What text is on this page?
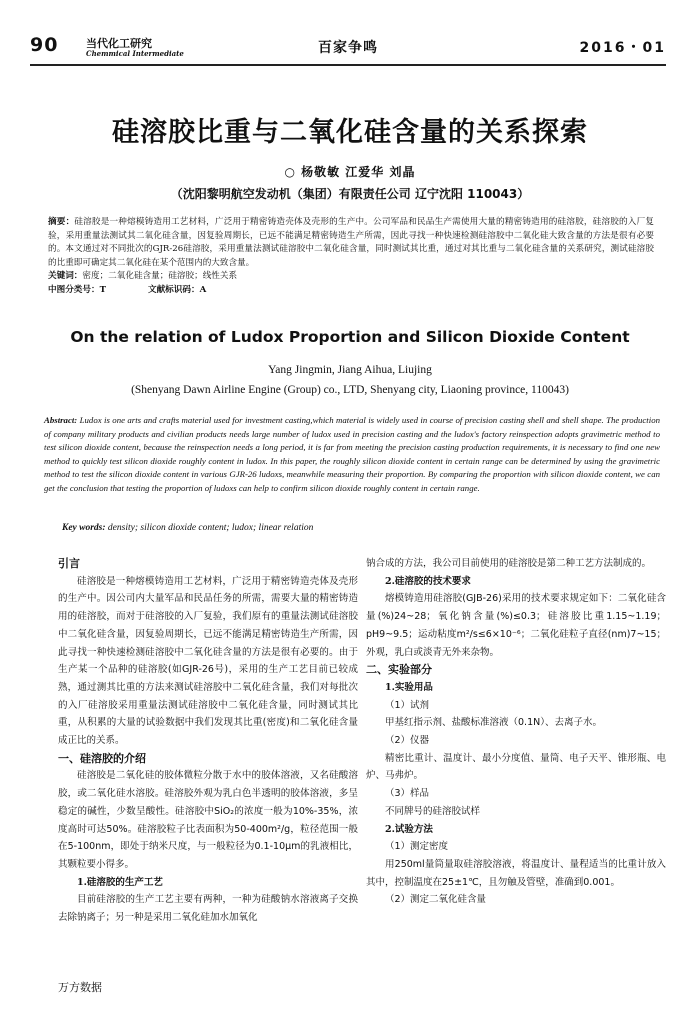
90	当代化工研究
Chemmical Intermediate	百家争鸣	2016・01
硅溶胶比重与二氧化硅含量的关系探索
○ 杨敬敏 江爱华 刘晶
（沈阳黎明航空发动机（集团）有限责任公司 辽宁沈阳 110043）

摘要：硅溶胶是一种熔模铸造用工艺材料，广泛用于精密铸造壳体及壳形的生产中。公司军品和民品生产需使用大量的精密铸造用的硅溶胶，硅溶胶的入厂复验，采用重量法测试其二氧化硅含量，因复验周期长，已远不能满足精密铸造生产所需，因此寻找一种快速检测硅溶胶中二氧化硅大致含量的方法是很有必要的。本文通过对不同批次的GJR-26硅溶胶，采用重量法测试硅溶胶中二氧化硅含量，同时测试其比重，通过对其比重与二氧化硅含量的关系研究，测试硅溶胶的比重即可确定其二氧化硅在某个范围内的大致含量。

关键词：密度；二氧化硅含量；硅溶胶；线性关系

中图分类号：T	文献标识码：A

On the relation of Ludox Proportion and Silicon Dioxide Content
Yang Jingmin, Jiang Aihua, Liujing
(Shenyang Dawn Airline Engine (Group) co., LTD, Shenyang city, Liaoning province, 110043)

Abstract: Ludox is one arts and crafts material used for investment casting,which material is widely used in course of precision casting shell and shell shape. The production of company military products and civilian products needs large number of ludox used in precision casting and the ludox's factory reinspection adopts gravimetric method to test silicon dioxide content, because the reinspection needs a long period, it is far from meeting the precision casting production requirements, it is necessary to find one new method to quickly test silicon dioxide roughly content in ludox. In this paper, the roughly silicon dioxide content in certain range can be determined by using the gravimetric method to test the silicon dioxide content in various GJR-26 ludoxs, meanwhile measuring their proportion. By comparing the proportion with silicon dioxide content, we can get the conclusion that testing the proportion of ludoxs can help to confirm silicon dioxide roughly content in certain range.

Key words: density; silicon dioxide content; ludox; linear relation

引言

硅溶胶是一种熔模铸造用工艺材料，广泛用于精密铸造壳体及壳形的生产中。因公司内大量军品和民品任务的所需，需要大量的精密铸造用的硅溶胶，而对于硅溶胶的入厂复验，我们原有的重量法测试硅溶胶中二氧化硅含量，因复验周期长，已远不能满足精密铸造生产所需，因此寻找一种快速检测硅溶胶中二氧化硅含量的方法是很有必要的。由于生产某一个品种的硅溶胶(如GJR-26号)，采用的生产工艺目前已较成熟，通过测其比重的方法来测试硅溶胶中二氧化硅含量，我们对每批次的入厂硅溶胶采用重量法测试硅溶胶中二氧化硅含量，同时测试其比重，从积累的大量的试验数据中我们发现其比重(密度)和二氧化硅含量成正比的关系。

一、硅溶胶的介绍

硅溶胶是二氧化硅的胶体微粒分散于水中的胶体溶液，又名硅酸溶胶，或二氧化硅水溶胶。硅溶胶外观为乳白色半透明的胶体溶液，多呈稳定的碱性，少数呈酸性。硅溶胶中SiO₂的浓度一般为10%-35%，浓度高时可达50%。硅溶胶粒子比表面积为50-400m²/g，粒径范围一般在5-100nm，即处于纳米尺度，与一般粒径为0.1-10μm的乳液相比，其颗粒要小得多。

1.硅溶胶的生产工艺

目前硅溶胶的生产工艺主要有两种，一种为硅酸钠水溶液离子交换去除钠离子；另一种是采用二氧化硅加水加氧化

钠合成的方法，我公司目前使用的硅溶胶是第二种工艺方法制成的。

2.硅溶胶的技术要求

熔模铸造用硅溶胶(GJB-26)采用的技术要求规定如下：二氧化硅含量(%)24~28；氧化钠含量(%)≤0.3；硅溶胶比重1.15~1.19；pH9~9.5；运动粘度m²/s≤6×10⁻⁶；二氧化硅粒子直径(nm)7~15；外观，乳白或淡青无外来杂物。

二、实验部分

1.实验用品

（1）试剂

甲基红指示剂、盐酸标准溶液（0.1N）、去离子水。

（2）仪器

精密比重计、温度计、最小分度值、量筒、电子天平、锥形瓶、电炉、马弗炉。

（3）样品

不同牌号的硅溶胶试样

2.试验方法

（1）测定密度

用250ml量筒量取硅溶胶溶液，将温度计、量程适当的比重计放入其中，控制温度在25±1℃，且勿触及管壁，准确到0.001。

（2）测定二氧化硅含量

万方数据
